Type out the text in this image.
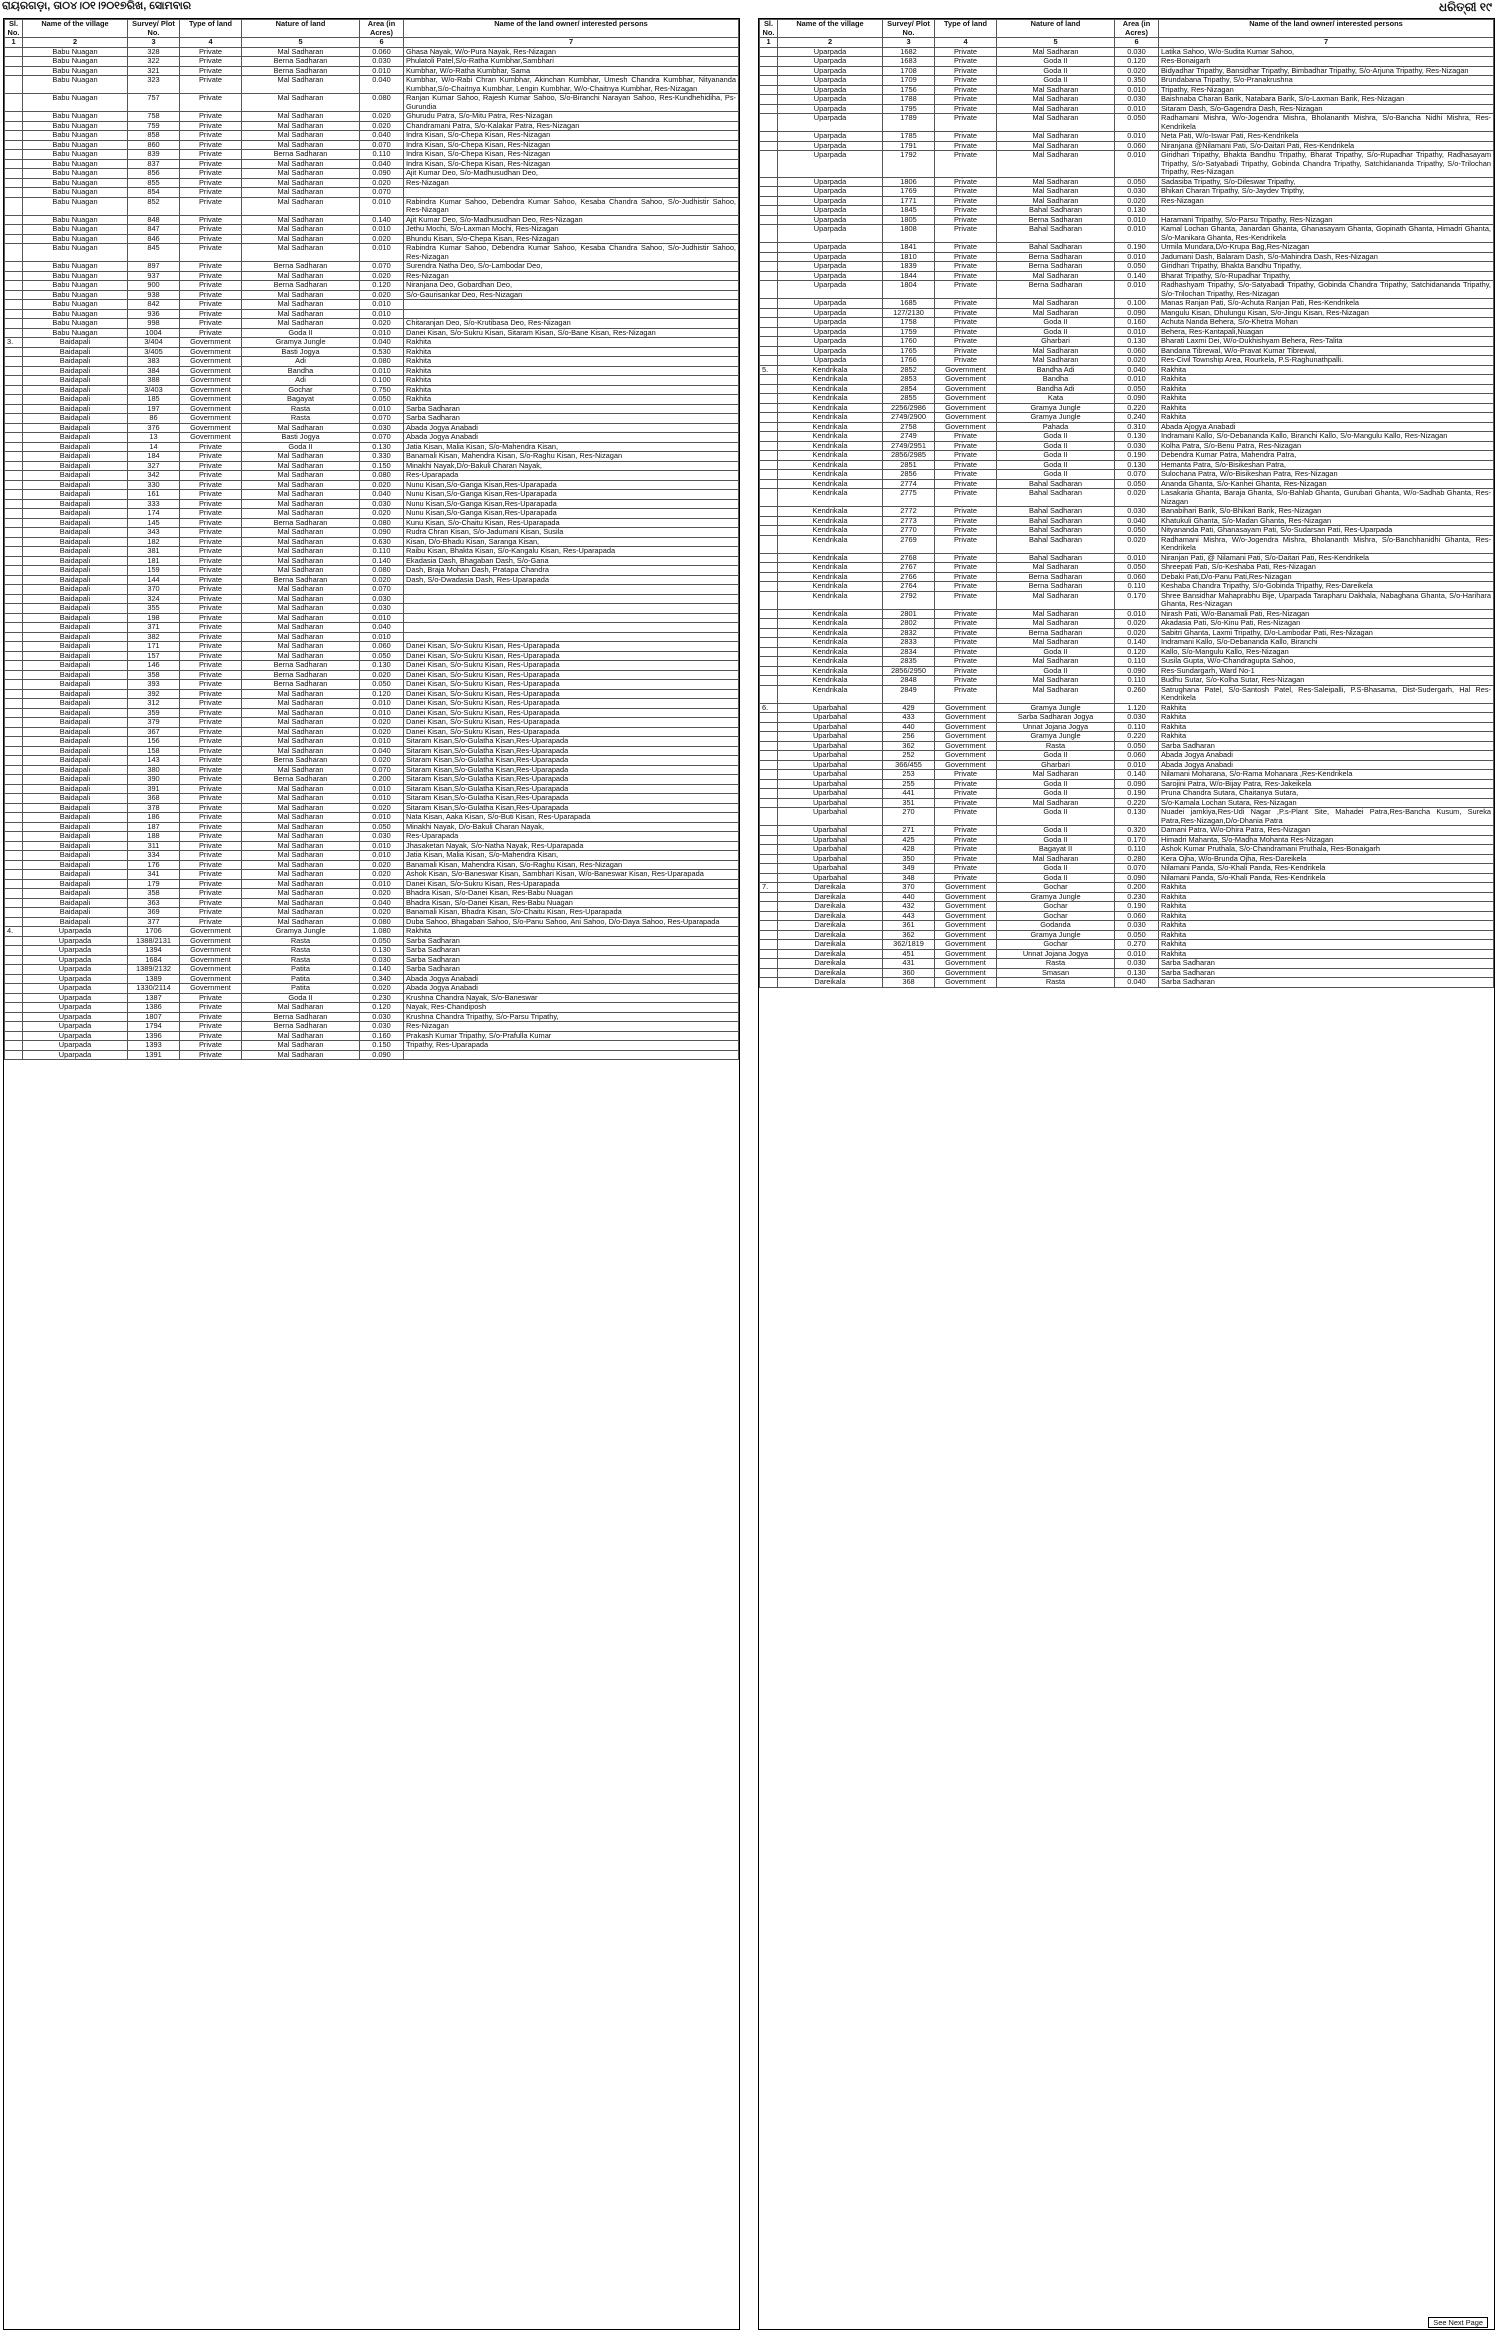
ରାୟରଗଡ଼ା, ତା୦୪।୦୧।୨୦୧୭ରିଖ, ସୋମବାର	ଧରିତ୍ରୀ ୧୯
Sl. No.	Name of the village	Survey/ Plot No.	Type of land	Nature of land	Area (in Acres)	Name of the land owner/ interested persons
1	2	3	4	5	6	7
	Babu Nuagan	328	Private	Mal Sadharan	0.060	Ghasa Nayak, W/o-Pura Nayak, Res-Nizagan
	Babu Nuagan	322	Private	Berna Sadharan	0.030	Phulatoli Patel,S/o-Ratha Kumbhar,Sambhari
	Babu Nuagan	321	Private	Berna Sadharan	0.010	Kumbhar, W/o-Ratha Kumbhar, Sama
	Babu Nuagan	323	Private	Mal Sadharan	0.040	Kumbhar, W/o-Rabi Chran Kumbhar, Akinchan Kumbhar, Umesh Chandra Kumbhar, Nityananda Kumbhar,S/o-Chaitnya Kumbhar, Lengin Kumbhar, W/o-Chaitnya Kumbhar, Res-Nizagan
	Babu Nuagan	757	Private	Mal Sadharan	0.080	Ranjan Kumar Sahoo, Rajesh Kumar Sahoo, S/o-Biranchi Narayan Sahoo, Res-Kundhehidiha, Ps-Gurundia
	Babu Nuagan	758	Private	Mal Sadharan	0.020	Ghurudu Patra, S/o-Mitu Patra, Res-Nizagan
	Babu Nuagan	759	Private	Mal Sadharan	0.020	Chandramani Patra, S/o-Kalakar Patra, Res-Nizagan
	Babu Nuagan	858	Private	Mal Sadharan	0.040	Indra Kisan, S/o-Chepa Kisan, Res-Nizagan
	Babu Nuagan	860	Private	Mal Sadharan	0.070	Indra Kisan, S/o-Chepa Kisan, Res-Nizagan
	Babu Nuagan	839	Private	Berna Sadharan	0.110	Indra Kisan, S/o-Chepa Kisan, Res-Nizagan
	Babu Nuagan	837	Private	Mal Sadharan	0.040	Indra Kisan, S/o-Chepa Kisan, Res-Nizagan
	Babu Nuagan	856	Private	Mal Sadharan	0.090	Ajit Kumar Deo, S/o-Madhusudhan Deo,
	Babu Nuagan	855	Private	Mal Sadharan	0.020	Res-Nizagan
	Babu Nuagan	854	Private	Mal Sadharan	0.070	
	Babu Nuagan	852	Private	Mal Sadharan	0.010	Rabindra Kumar Sahoo, Debendra Kumar Sahoo, Kesaba Chandra Sahoo, S/o-Judhistir Sahoo, Res-Nizagan
	Babu Nuagan	848	Private	Mal Sadharan	0.140	Ajit Kumar Deo, S/o-Madhusudhan Deo, Res-Nizagan
	Babu Nuagan	847	Private	Mal Sadharan	0.010	Jethu Mochi, S/o-Laxman Mochi, Res-Nizagan
	Babu Nuagan	846	Private	Mal Sadharan	0.020	Bhundu Kisan, S/o-Chepa Kisan, Res-Nizagan
	Babu Nuagan	845	Private	Mal Sadharan	0.010	Rabindra Kumar Sahoo, Debendra Kumar Sahoo, Kesaba Chandra Sahoo, S/o-Judhistir Sahoo, Res-Nizagan
	Babu Nuagan	897	Private	Berna Sadharan	0.070	Surendra Natha Deo, S/o-Lambodar Deo,
	Babu Nuagan	937	Private	Mal Sadharan	0.020	Res-Nizagan
	Babu Nuagan	900	Private	Berna Sadharan	0.120	Niranjana Deo, Gobardhan Deo,
	Babu Nuagan	938	Private	Mal Sadharan	0.020	S/o-Gaurisankar Deo, Res-Nizagan
	Babu Nuagan	842	Private	Mal Sadharan	0.010	
	Babu Nuagan	936	Private	Mal Sadharan	0.010	
	Babu Nuagan	998	Private	Mal Sadharan	0.020	Chitaranjan Deo, S/o-Krutibasa Deo, Res-Nizagan
	Babu Nuagan	1004	Private	Goda II	0.010	Danei Kisan, S/o-Sukru Kisan, Sitaram Kisan, S/o-Bane Kisan, Res-Nizagan
3.	Baidapali	3/404	Government	Gramya Jungle	0.040	Rakhita
	Baidapali	3/405	Government	Basti Jogya	0.530	Rakhita
	Baidapali	383	Government	Adi	0.080	Rakhita
	Baidapali	384	Government	Bandha	0.010	Rakhita
	Baidapali	388	Government	Adi	0.100	Rakhita
	Baidapali	3/403	Government	Gochar	0.750	Rakhita
	Baidapali	185	Government	Bagayat	0.050	Rakhita
	Baidapali	197	Government	Rasta	0.010	Sarba Sadharan
	Baidapali	86	Government	Rasta	0.070	Sarba Sadharan
	Baidapali	376	Government	Mal Sadharan	0.030	Abada Jogya Anabadi
	Baidapali	13	Government	Basti Jogya	0.070	Abada Jogya Anabadi
	Baidapali	14	Private	Goda II	0.130	Jatia Kisan, Malia Kisan, S/o-Mahendra Kisan,
	Baidapali	184	Private	Mal Sadharan	0.330	Banamali Kisan, Mahendra Kisan, S/o-Raghu Kisan, Res-Nizagan
	Baidapali	327	Private	Mal Sadharan	0.150	Minakhi Nayak,D/o-Bakuli Charan Nayak,
	Baidapali	342	Private	Mal Sadharan	0.080	Res-Uparapada
	Baidapali	330	Private	Mal Sadharan	0.020	Nunu Kisan,S/o-Ganga Kisan,Res-Uparapada
	Baidapali	161	Private	Mal Sadharan	0.040	Nunu Kisan,S/o-Ganga Kisan,Res-Uparapada
	Baidapali	333	Private	Mal Sadharan	0.030	Nunu Kisan,S/o-Ganga Kisan,Res-Uparapada
	Baidapali	174	Private	Mal Sadharan	0.020	Nunu Kisan,S/o-Ganga Kisan,Res-Uparapada
	Baidapali	145	Private	Berna Sadharan	0.080	Kunu Kisan, S/o-Chaitu Kisan, Res-Uparapada
	Baidapali	343	Private	Mal Sadharan	0.090	Rudra Chran Kisan, S/o-Jadumani Kisan, Susila
	Baidapali	182	Private	Mal Sadharan	0.630	Kisan, D/o-Bhadu Kisan, Saranga Kisan,
	Baidapali	381	Private	Mal Sadharan	0.110	Raibu Kisan, Bhakta Kisan, S/o-Kangalu Kisan, Res-Uparapada
	Baidapali	181	Private	Mal Sadharan	0.140	Ekadasia Dash, Bhagaban Dash, S/o-Gana
	Baidapali	159	Private	Mal Sadharan	0.080	Dash, Braja Mohan Dash, Pratapa Chandra
	Baidapali	144	Private	Berna Sadharan	0.020	Dash, S/o-Dwadasia Dash, Res-Uparapada
	Baidapali	370	Private	Mal Sadharan	0.070	
	Baidapali	324	Private	Mal Sadharan	0.030	
	Baidapali	355	Private	Mal Sadharan	0.030	
	Baidapali	198	Private	Mal Sadharan	0.010	
	Baidapali	371	Private	Mal Sadharan	0.040	
	Baidapali	382	Private	Mal Sadharan	0.010	
	Baidapali	171	Private	Mal Sadharan	0.060	Danei Kisan, S/o-Sukru Kisan, Res-Uparapada
	Baidapali	157	Private	Mal Sadharan	0.050	Danei Kisan, S/o-Sukru Kisan, Res-Uparapada
	Baidapali	146	Private	Berna Sadharan	0.130	Danei Kisan, S/o-Sukru Kisan, Res-Uparapada
	Baidapali	358	Private	Berna Sadharan	0.020	Danei Kisan, S/o-Sukru Kisan, Res-Uparapada
	Baidapali	393	Private	Berna Sadharan	0.050	Danei Kisan, S/o-Sukru Kisan, Res-Uparapada
	Baidapali	392	Private	Mal Sadharan	0.120	Danei Kisan, S/o-Sukru Kisan, Res-Uparapada
	Baidapali	312	Private	Mal Sadharan	0.010	Danei Kisan, S/o-Sukru Kisan, Res-Uparapada
	Baidapali	359	Private	Mal Sadharan	0.010	Danei Kisan, S/o-Sukru Kisan, Res-Uparapada
	Baidapali	379	Private	Mal Sadharan	0.020	Danei Kisan, S/o-Sukru Kisan, Res-Uparapada
	Baidapali	367	Private	Mal Sadharan	0.020	Danei Kisan, S/o-Sukru Kisan, Res-Uparapada
	Baidapali	156	Private	Mal Sadharan	0.010	Sitaram Kisan,S/o-Gulatha Kisan,Res-Uparapada
	Baidapali	158	Private	Mal Sadharan	0.040	Sitaram Kisan,S/o-Gulatha Kisan,Res-Uparapada
	Baidapali	143	Private	Berna Sadharan	0.020	Sitaram Kisan,S/o-Gulatha Kisan,Res-Uparapada
	Baidapali	380	Private	Mal Sadharan	0.070	Sitaram Kisan,S/o-Gulatha Kisan,Res-Uparapada
	Baidapali	390	Private	Berna Sadharan	0.200	Sitaram Kisan,S/o-Gulatha Kisan,Res-Uparapada
	Baidapali	391	Private	Mal Sadharan	0.010	Sitaram Kisan,S/o-Gulatha Kisan,Res-Uparapada
	Baidapali	368	Private	Mal Sadharan	0.010	Sitaram Kisan,S/o-Gulatha Kisan,Res-Uparapada
	Baidapali	378	Private	Mal Sadharan	0.020	Sitaram Kisan,S/o-Gulatha Kisan,Res-Uparapada
	Baidapali	186	Private	Mal Sadharan	0.010	Nata Kisan, Aaka Kisan, S/o-Buti Kisan, Res-Uparapada
	Baidapali	187	Private	Mal Sadharan	0.050	Minakhi Nayak, D/o-Bakuli Charan Nayak,
	Baidapali	188	Private	Mal Sadharan	0.030	Res-Uparapada
	Baidapali	311	Private	Mal Sadharan	0.010	Jhasaketan Nayak, S/o-Natha Nayak, Res-Uparapada
	Baidapali	334	Private	Mal Sadharan	0.010	Jatia Kisan, Malia Kisan, S/o-Mahendra Kisan,
	Baidapali	176	Private	Mal Sadharan	0.020	Banamali Kisan, Mahendra Kisan, S/o-Raghu Kisan, Res-Nizagan
	Baidapali	341	Private	Mal Sadharan	0.020	Ashok Kisan, S/o-Baneswar Kisan, Sambhari Kisan, W/o-Baneswar Kisan, Res-Uparapada
	Baidapali	179	Private	Mal Sadharan	0.010	Danei Kisan, S/o-Sukru Kisan, Res-Uparapada
	Baidapali	358	Private	Mal Sadharan	0.020	Bhadra Kisan, S/o-Danei Kisan, Res-Babu Nuagan
	Baidapali	363	Private	Mal Sadharan	0.040	Bhadra Kisan, S/o-Danei Kisan, Res-Babu Nuagan
	Baidapali	369	Private	Mal Sadharan	0.020	Banamali Kisan, Bhadra Kisan, S/o-Chaitu Kisan, Res-Uparapada
	Baidapali	377	Private	Mal Sadharan	0.080	Duba Sahoo, Bhagaban Sahoo, S/o-Panu Sahoo, Ani Sahoo, D/o-Daya Sahoo, Res-Uparapada
4.	Uparpada	1706	Government	Gramya Jungle	1.080	Rakhita
	Uparpada	1388/2131	Government	Rasta	0.050	Sarba Sadharan
	Uparpada	1394	Government	Rasta	0.130	Sarba Sadharan
	Uparpada	1684	Government	Rasta	0.030	Sarba Sadharan
	Uparpada	1389/2132	Government	Patita	0.140	Sarba Sadharan
	Uparpada	1389	Government	Patita	0.340	Abada Jogya Anabadi
	Uparpada	1330/2114	Government	Patita	0.020	Abada Jogya Anabadi
	Uparpada	1387	Private	Goda II	0.230	Krushna Chandra Nayak, S/o-Baneswar
	Uparpada	1386	Private	Mal Sadharan	0.120	Nayak, Res-Chandiposh
	Uparpada	1807	Private	Berna Sadharan	0.030	Krushna Chandra Tripathy, S/o-Parsu Tripathy,
	Uparpada	1794	Private	Berna Sadharan	0.030	Res-Nizagan
	Uparpada	1396	Private	Mal Sadharan	0.160	Prakash Kumar Tripathy, S/o-Prafulla Kumar
	Uparpada	1393	Private	Mal Sadharan	0.150	Tripathy, Res-Uparapada
	Uparpada	1391	Private	Mal Sadharan	0.090	
Sl. No.	Name of the village	Survey/ Plot No.	Type of land	Nature of land	Area (in Acres)	Name of the land owner/ interested persons
1	2	3	4	5	6	7
	Uparpada	1682	Private	Mal Sadharan	0.030	Latika Sahoo, W/o-Sudita Kumar Sahoo,
	Uparpada	1683	Private	Goda II	0.120	Res-Bonaigarh
	Uparpada	1708	Private	Goda II	0.020	Bidyadhar Tripathy, Bansidhar Tripathy, Bimbadhar Tripathy, S/o-Arjuna Tripathy, Res-Nizagan
	Uparpada	1709	Private	Goda II	0.350	Brundabana Tripathy, S/o-Pranakrushna
	Uparpada	1756	Private	Mal Sadharan	0.010	Tripathy, Res-Nizagan
	Uparpada	1788	Private	Mal Sadharan	0.030	Baishnaba Charan Barik, Natabara Barik, S/o-Laxman Barik, Res-Nizagan
	Uparpada	1795	Private	Mal Sadharan	0.010	Sitaram Dash, S/o-Gagendra Dash, Res-Nizagan
	Uparpada	1789	Private	Mal Sadharan	0.050	Radhamani Mishra, W/o-Jogendra Mishra, Bholananth Mishra, S/o-Bancha Nidhi Mishra, Res-Kendrikela
	Uparpada	1785	Private	Mal Sadharan	0.010	Neta Pati, W/o-Iswar Pati, Res-Kendrikela
	Uparpada	1791	Private	Mal Sadharan	0.060	Niranjana @Nilamani Pati, S/o-Daitari Pati, Res-Kendrikela
	Uparpada	1792	Private	Mal Sadharan	0.010	Giridhari Tripathy, Bhakta Bandhu Tripathy, Bharat Tripathy, S/o-Rupadhar Tripathy, Radhasayam Tripathy, S/o-Satyabadi Tripathy, Gobinda Chandra Tripathy, Satchidananda Tripathy, S/o-Trilochan Tripathy, Res-Nizagan
	Uparpada	1806	Private	Mal Sadharan	0.050	Sadasiba Tripathy, S/o-Dileswar Tripathy,
	Uparpada	1769	Private	Mal Sadharan	0.030	Bhikari Charan Tripathy, S/o-Jaydev Tripthy,
	Uparpada	1771	Private	Mal Sadharan	0.020	Res-Nizagan
	Uparpada	1845	Private	Bahal Sadharan	0.130	
	Uparpada	1805	Private	Berna Sadharan	0.010	Haramani Tripathy, S/o-Parsu Tripathy, Res-Nizagan
	Uparpada	1808	Private	Bahal Sadharan	0.010	Kamal Lochan Ghanta, Janardan Ghanta, Ghanasayam Ghanta, Gopinath Ghanta, Himadri Ghanta, S/o-Manikara Ghanta, Res-Kendrikela
	Uparpada	1841	Private	Bahal Sadharan	0.190	Urmila Mundara,D/o-Krupa Bag,Res-Nizagan
	Uparpada	1810	Private	Berna Sadharan	0.010	Jadumani Dash, Balaram Dash, S/o-Mahindra Dash, Res-Nizagan
	Uparpada	1839	Private	Berna Sadharan	0.050	Giridhari Tripathy, Bhakta Bandhu Tripathy,
	Uparpada	1844	Private	Mal Sadharan	0.140	Bharat Tripathy, S/o-Rupadhar Tripathy,
	Uparpada	1804	Private	Berna Sadharan	0.010	Radhashyam Tripathy, S/o-Satyabadi Tripathy, Gobinda Chandra Tripathy, Satchidananda Tripathy, S/o-Trilochan Tripathy, Res-Nizagan
	Uparpada	1685	Private	Mal Sadharan	0.100	Manas Ranjan Pati, S/o-Achuta Ranjan Pati, Res-Kendrikela
	Uparpada	127/2130	Private	Mal Sadharan	0.090	Mangulu Kisan, Dhulungu Kisan, S/o-Jingu Kisan, Res-Nizagan
	Uparpada	1758	Private	Goda II	0.160	Achuta Nanda Behera, S/o-Khetra Mohan
	Uparpada	1759	Private	Goda II	0.010	Behera, Res-Kantapali,Nuagan
	Uparpada	1760	Private	Gharbari	0.130	Bharati Laxmi Dei, W/o-Dukhishyam Behera, Res-Talita
	Uparpada	1765	Private	Mal Sadharan	0.060	Bandana Tibrewal, W/o-Pravat Kumar Tibrewal,
	Uparpada	1766	Private	Mal Sadharan	0.020	Res-Civil Township Area, Rourkela, P.S-Raghunathpalli.
5.	Kendrikala	2852	Government	Bandha Adi	0.040	Rakhita
	Kendrikala	2853	Government	Bandha	0.010	Rakhita
	Kendrikala	2854	Government	Bandha Adi	0.050	Rakhita
	Kendrikala	2855	Government	Kata	0.090	Rakhita
	Kendrikala	2256/2986	Government	Gramya Jungle	0.220	Rakhita
	Kendrikala	2749/2900	Government	Gramya Jungle	0.240	Rakhita
	Kendrikala	2758	Government	Pahada	0.310	Abada Ajogya Anabadi
	Kendrikala	2749	Private	Goda II	0.130	Indramani Kallo, S/o-Debananda Kallo, Biranchi Kallo, S/o-Mangulu Kallo, Res-Nizagan
	Kendrikala	2749/2951	Private	Goda II	0.030	Kolha Patra, S/o-Benu Patra, Res-Nizagan
	Kendrikala	2856/2985	Private	Goda II	0.190	Debendra Kumar Patra, Mahendra Patra,
	Kendrikala	2851	Private	Goda II	0.130	Hemanta Patra, S/o-Bisikeshan Patra,
	Kendrikala	2856	Private	Goda II	0.070	Sulochana Patra, W/o-Bisikeshan Patra, Res-Nizagan
	Kendrikala	2774	Private	Bahal Sadharan	0.050	Ananda Ghanta, S/o-Kanhei Ghanta, Res-Nizagan
	Kendrikala	2775	Private	Bahal Sadharan	0.020	Lasakaria Ghanta, Baraja Ghanta, S/o-Bahlab Ghanta, Gurubari Ghanta, W/o-Sadhab Ghanta, Res-Nizagan
	Kendrikala	2772	Private	Bahal Sadharan	0.030	Banabihari Barik, S/o-Bhikari Barik, Res-Nizagan
	Kendrikala	2773	Private	Bahal Sadharan	0.040	Khatukuli Ghanta, S/o-Madan Ghanta, Res-Nizagan
	Kendrikala	2770	Private	Bahal Sadharan	0.050	Nityananda Pati, Ghanasayam Pati, S/o-Sudarsan Pati, Res-Uparpada
	Kendrikala	2769	Private	Bahal Sadharan	0.020	Radhamani Mishra, W/o-Jogendra Mishra, Bholananth Mishra, S/o-Banchhanidhi Ghanta, Res-Kendrikela
	Kendrikala	2768	Private	Bahal Sadharan	0.010	Niranjan Pati, @ Nilamani Pati, S/o-Daitari Pati, Res-Kendrikela
	Kendrikala	2767	Private	Mal Sadharan	0.050	Shreepati Pati, S/o-Keshaba Pati, Res-Nizagan
	Kendrikala	2766	Private	Berna Sadharan	0.060	Debaki Pati,D/o-Panu Pati,Res-Nizagan
	Kendrikala	2764	Private	Berna Sadharan	0.110	Keshaba Chandra Tripathy, S/o-Gobinda Tripathy, Res-Dareikela
	Kendrikala	2792	Private	Mal Sadharan	0.170	Shree Bansidhar Mahaprabhu Bije, Uparpada Tarapharu Dakhala, Nabaghana Ghanta, S/o-Harihara Ghanta, Res-Nizagan
	Kendrikala	2801	Private	Mal Sadharan	0.010	Nirash Pati, W/o-Banamali Pati, Res-Nizagan
	Kendrikala	2802	Private	Mal Sadharan	0.020	Akadasia Pati, S/o-Kinu Pati, Res-Nizagan
	Kendrikala	2832	Private	Berna Sadharan	0.020	Sabitri Ghanta, Laxmi Tripathy, D/o-Lambodar Pati, Res-Nizagan
	Kendrikala	2833	Private	Mal Sadharan	0.140	Indramani Kallo, S/o-Debananda Kallo, Biranchi
	Kendrikala	2834	Private	Goda II	0.120	Kallo, S/o-Mangulu Kallo, Res-Nizagan
	Kendrikala	2835	Private	Mal Sadharan	0.110	Susila Gupta, W/o-Chandragupta Sahoo,
	Kendrikala	2856/2950	Private	Goda II	0.090	Res-Sundargarh, Ward No-1
	Kendrikala	2848	Private	Mal Sadharan	0.110	Budhu Sutar, S/o-Kolha Sutar, Res-Nizagan
	Kendrikala	2849	Private	Mal Sadharan	0.260	Satrughana Patel, S/o-Santosh Patel, Res-Saleipalli, P.S-Bhasama, Dist-Sudergarh, Hal Res-Kendrikela
6.	Uparbahal	429	Government	Gramya Jungle	1.120	Rakhita
	Uparbahal	433	Government	Sarba Sadharan Jogya	0.030	Rakhita
	Uparbahal	440	Government	Unnat Jojana Jogya	0.110	Rakhita
	Uparbahal	256	Government	Gramya Jungle	0.220	Rakhita
	Uparbahal	362	Government	Rasta	0.050	Sarba Sadharan
	Uparbahal	252	Government	Goda II	0.060	Abada Jogya Anabadi
	Uparbahal	366/455	Government	Gharbari	0.010	Abada Jogya Anabadi
	Uparbahal	253	Private	Mal Sadharan	0.140	Nilamani Moharana, S/o-Rama Mohanara ,Res-Kendrikela
	Uparbahal	255	Private	Goda II	0.090	Sarojini Patra, W/o-Bijay Patra, Res-Jakeikela
	Uparbahal	441	Private	Goda II	0.190	Pruna Chandra Sutara, Chaitanya Sutara,
	Uparbahal	351	Private	Mal Sadharan	0.220	S/o-Kamala Lochan Sutara, Res-Nizagan
	Uparbahal	270	Private	Goda II	0.130	Nuadei jamkiya,Res-Udi Nagar ,P.s-Plant Site, Mahadei Patra,Res-Bancha Kusum, Sureka Patra,Res-Nizagan,D/o-Dhania Patra
	Uparbahal	271	Private	Goda II	0.320	Damani Patra, W/o-Dhira Patra, Res-Nizagan
	Uparbahal	425	Private	Goda II	0.170	Himadri Mahanta, S/o-Madha Mohanta Res-Nizagan
	Uparbahal	428	Private	Bagayat II	0.110	Ashok Kumar Pruthala, S/o-Chandramani Pruthala, Res-Bonaigarh
	Uparbahal	350	Private	Mal Sadharan	0.280	Kera Ojha, W/o-Brunda Ojha, Res-Dareikela
	Uparbahal	349	Private	Goda II	0.070	Nilamani Panda, S/o-Khali Panda, Res-Kendrikela
	Uparbahal	348	Private	Goda II	0.090	Nilamani Panda, S/o-Khali Panda, Res-Kendrikela
7.	Dareikala	370	Government	Gochar	0.200	Rakhita
	Dareikala	440	Government	Gramya Jungle	0.230	Rakhita
	Dareikala	432	Government	Gochar	0.190	Rakhita
	Dareikala	443	Government	Gochar	0.060	Rakhita
	Dareikala	361	Government	Godanda	0.030	Rakhita
	Dareikala	362	Government	Gramya Jungle	0.050	Rakhita
	Dareikala	362/1819	Government	Gochar	0.270	Rakhita
	Dareikala	451	Government	Unnat Jojana Jogya	0.010	Rakhita
	Dareikala	431	Government	Rasta	0.030	Sarba Sadharan
	Dareikala	360	Government	Smasan	0.130	Sarba Sadharan
	Dareikala	368	Government	Rasta	0.040	Sarba Sadharan
See Next Page
